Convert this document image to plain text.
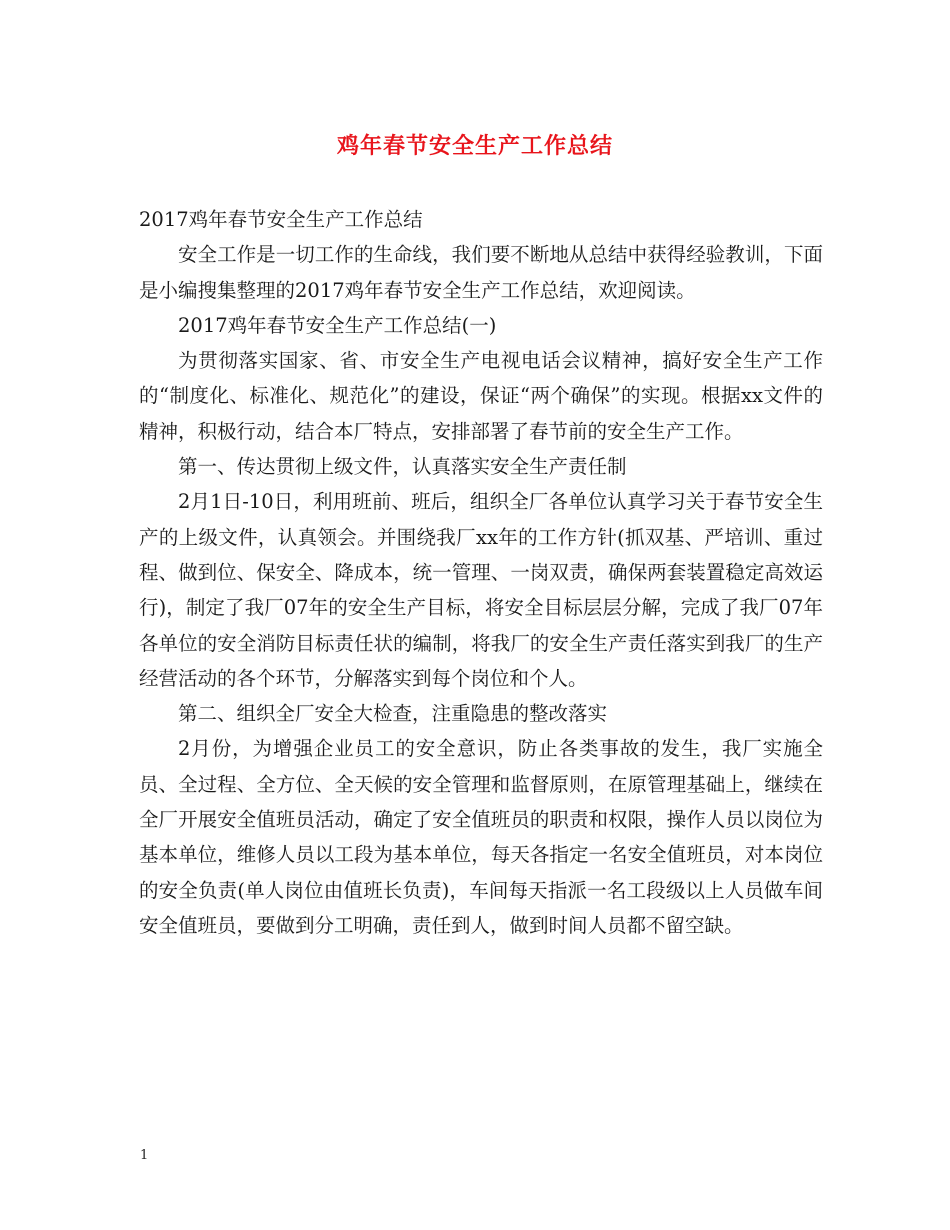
鸡年春节安全生产工作总结

2017鸡年春节安全生产工作总结

安全工作是一切工作的生命线，我们要不断地从总结中获得经验教训，下面是小编搜集整理的2017鸡年春节安全生产工作总结，欢迎阅读。

2017鸡年春节安全生产工作总结(一)

为贯彻落实国家、省、市安全生产电视电话会议精神，搞好安全生产工作的“制度化、标准化、规范化”的建设，保证“两个确保”的实现。根据xx文件的精神，积极行动，结合本厂特点，安排部署了春节前的安全生产工作。

第一、传达贯彻上级文件，认真落实安全生产责任制

2月1日-10日，利用班前、班后，组织全厂各单位认真学习关于春节安全生产的上级文件，认真领会。并围绕我厂xx年的工作方针(抓双基、严培训、重过程、做到位、保安全、降成本，统一管理、一岗双责，确保两套装置稳定高效运行)，制定了我厂07年的安全生产目标，将安全目标层层分解，完成了我厂07年各单位的安全消防目标责任状的编制，将我厂的安全生产责任落实到我厂的生产经营活动的各个环节，分解落实到每个岗位和个人。

第二、组织全厂安全大检查，注重隐患的整改落实

2月份，为增强企业员工的安全意识，防止各类事故的发生，我厂实施全员、全过程、全方位、全天候的安全管理和监督原则，在原管理基础上，继续在全厂开展安全值班员活动，确定了安全值班员的职责和权限，操作人员以岗位为基本单位，维修人员以工段为基本单位，每天各指定一名安全值班员，对本岗位的安全负责(单人岗位由值班长负责)，车间每天指派一名工段级以上人员做车间安全值班员，要做到分工明确，责任到人，做到时间人员都不留空缺。

1
